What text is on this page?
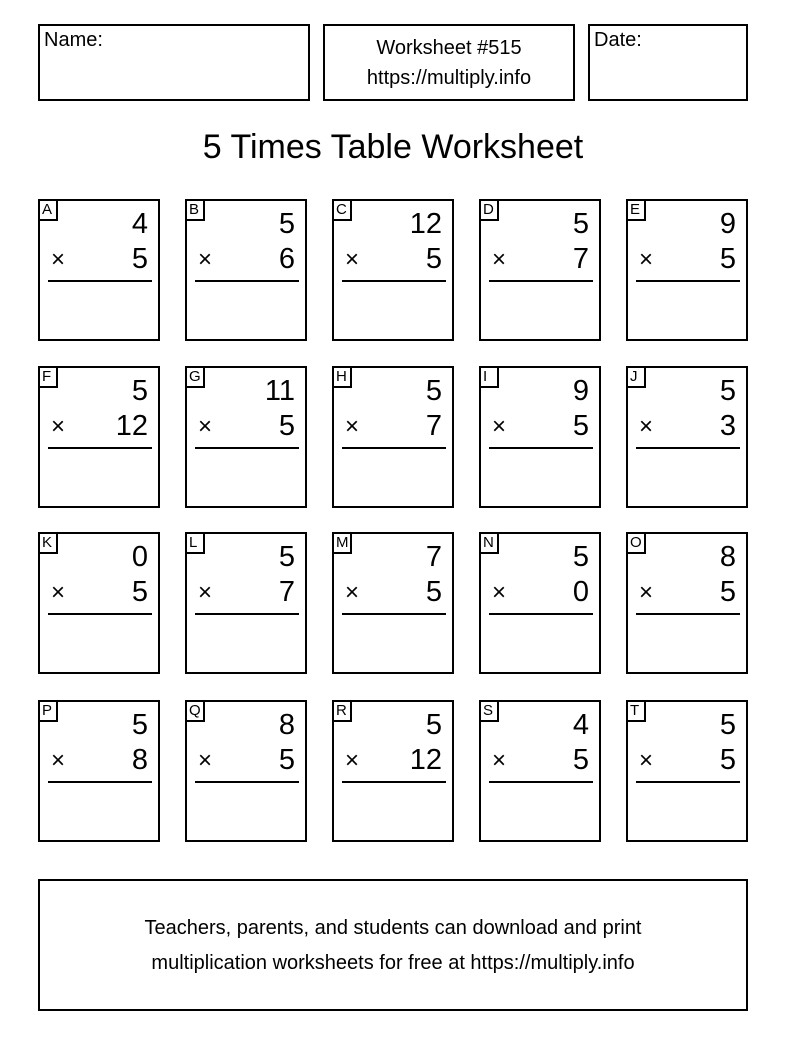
Name:	Worksheet #515
https://multiply.info
Date:
5 Times Table Worksheet
A	4
× 5
B	5
× 6
C 12
× 5
D	5
× 7
E	9
× 5
F	5
× 12
G 11
× 5
H	5
× 7
I	9
× 5
J	5
× 3
K	0
× 5
L	5
× 7
M	7
× 5
N	5
× 0
O	8
× 5
P	5
× 8
Q	8
× 5
R	5
× 12
S	4
× 5
T	5
× 5
Teachers, parents, and students can download and print
multiplication worksheets for free at https://multiply.info
